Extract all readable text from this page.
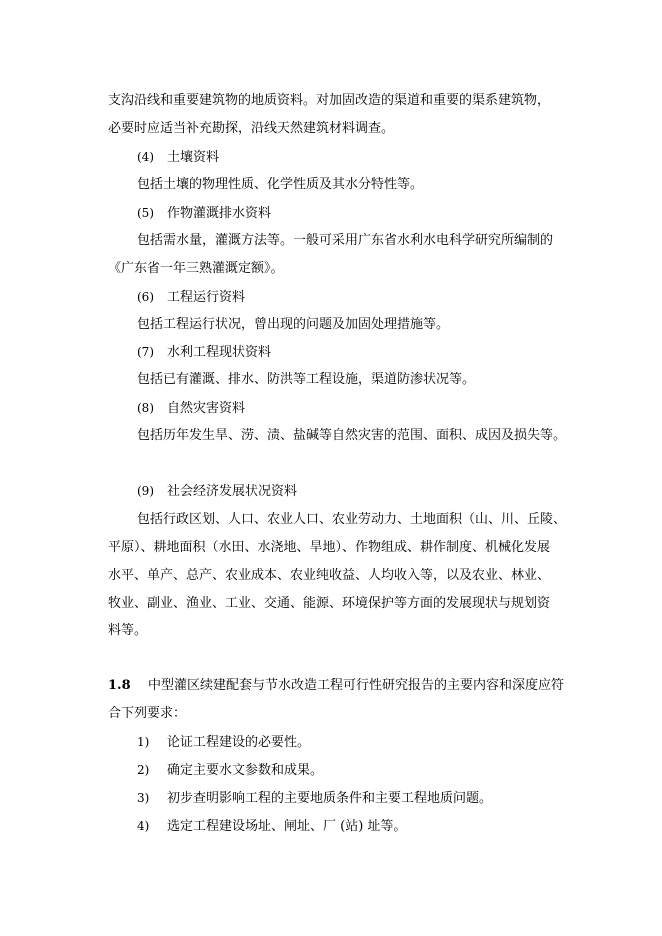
支沟沿线和重要建筑物的地质资料。对加固改造的渠道和重要的渠系建筑物，
必要时应适当补充勘探，沿线天然建筑材料调查。
(4) 土壤资料
包括土壤的物理性质、化学性质及其水分特性等。
(5) 作物灌溉排水资料
包括需水量，灌溉方法等。一般可采用广东省水利水电科学研究所编制的
《广东省一年三熟灌溉定额》。
(6) 工程运行资料
包括工程运行状况，曾出现的问题及加固处理措施等。
(7) 水利工程现状资料
包括已有灌溉、排水、防洪等工程设施，渠道防渗状况等。
(8) 自然灾害资料
包括历年发生旱、涝、渍、盐碱等自然灾害的范围、面积、成因及损失等。
(9) 社会经济发展状况资料
包括行政区划、人口、农业人口、农业劳动力、土地面积（山、川、丘陵、
平原）、耕地面积（水田、水浇地、旱地）、作物组成、耕作制度、机械化发展
水平、单产、总产、农业成本、农业纯收益、人均收入等，以及农业、林业、
牧业、副业、渔业、工业、交通、能源、环境保护等方面的发展现状与规划资
料等。
1.8 中型灌区续建配套与节水改造工程可行性研究报告的主要内容和深度应符
合下列要求：
1) 论证工程建设的必要性。
2) 确定主要水文参数和成果。
3) 初步查明影响工程的主要地质条件和主要工程地质问题。
4) 选定工程建设场址、闸址、厂 (站) 址等。
